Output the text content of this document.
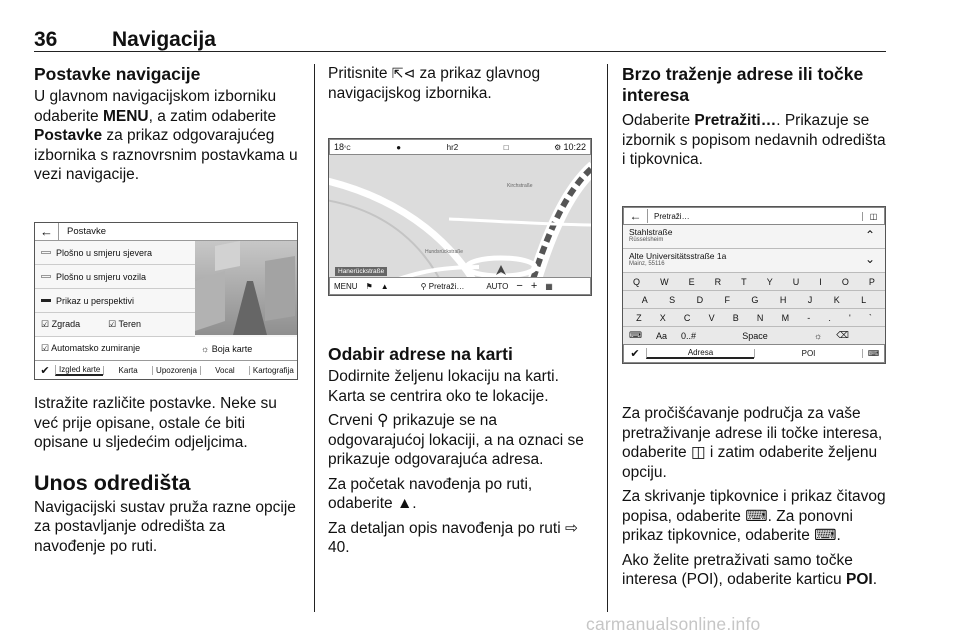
36	Navigacija
Postavke navigacije

U glavnom navigacijskom izborniku odaberite MENU, a zatim odaberite Postavke za prikaz odgovarajućeg izbornika s raznovrsnim postavkama u vezi navigacije.

←	Postavke
Plošno u smjeru sjevera
Plošno u smjeru vozila
Prikaz u perspektivi
☑ Zgrada	☑ Teren
☑ Automatsko zumiranje	☼ Boja karte
✔	Izgled karte	Karta	Upozorenja	Vocal	Kartografija

Istražite različite postavke. Neke su već prije opisane, ostale će biti opisane u sljedećim odjeljcima.

Unos odredišta

Navigacijski sustav pruža razne opcije za postavljanje odredišta za navođenje po ruti.

Pritisnite ⇱⊲ za prikaz glavnog navigacijskog izbornika.

18°C	●	hr2	□	⚙ 10:22
Hundsrückstraße
Kirchstraße
Hanerückstraße
MENU ⚑ ▲	⚲ Pretraži…	AUTO − + ▦
Odabir adrese na karti

Dodirnite željenu lokaciju na karti. Karta se centrira oko te lokacije.

Crveni ⚲ prikazuje se na odgovarajućoj lokaciji, a na oznaci se prikazuje odgovarajuća adresa.

Za početak navođenja po ruti, odaberite ▲.

Za detaljan opis navođenja po ruti ⇨ 40.

Brzo traženje adrese ili točke interesa

Odaberite Pretražiti…. Prikazuje se izbornik s popisom nedavnih odredišta i tipkovnica.

←	Pretraži…	◫
Stahlstraße
Rüsselsheim	⌃
Alte Universitätsstraße 1a
Mainz, 55116	⌄
Q W E R T Y U I O P
A S D F G H J K L
Z X C V B N M - . ' `
⌨ Aa 0..#	Space	☼ ⌫
✔	Adresa	POI	⌨

Za pročišćavanje područja za vaše pretraživanje adrese ili točke interesa, odaberite ◫ i zatim odaberite željenu opciju.

Za skrivanje tipkovnice i prikaz čitavog popisa, odaberite ⌨. Za ponovni prikaz tipkovnice, odaberite ⌨.

Ako želite pretraživati samo točke interesa (POI), odaberite karticu POI.

carmanualsonline.info
